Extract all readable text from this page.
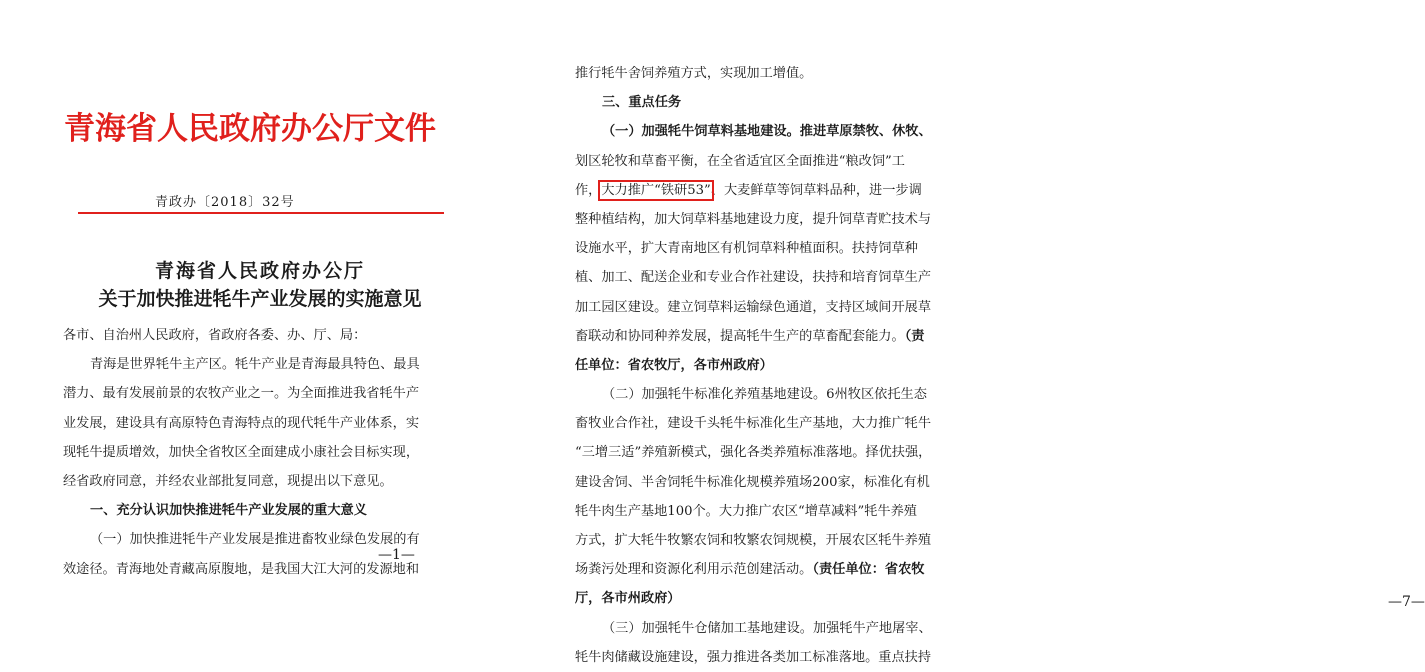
青海省人民政府办公厅文件
青政办〔2018〕32号
青海省人民政府办公厅
关于加快推进牦牛产业发展的实施意见
各市、自治州人民政府，省政府各委、办、厅、局：
青海是世界牦牛主产区。牦牛产业是青海最具特色、最具
潜力、最有发展前景的农牧产业之一。为全面推进我省牦牛产
业发展，建设具有高原特色青海特点的现代牦牛产业体系，实
现牦牛提质增效，加快全省牧区全面建成小康社会目标实现，
经省政府同意，并经农业部批复同意，现提出以下意见。
一、充分认识加快推进牦牛产业发展的重大意义
（一）加快推进牦牛产业发展是推进畜牧业绿色发展的有
效途径。青海地处青藏高原腹地，是我国大江大河的发源地和
—1—
—7—
推行牦牛舍饲养殖方式，实现加工增值。
三、重点任务
（一）加强牦牛饲草料基地建设。推进草原禁牧、休牧、
划区轮牧和草畜平衡，在全省适宜区全面推进“粮改饲”工
作，大力推广“铁研53”、大麦鲜草等饲草料品种，进一步调
整种植结构，加大饲草料基地建设力度，提升饲草青贮技术与
设施水平，扩大青南地区有机饲草料种植面积。扶持饲草种
植、加工、配送企业和专业合作社建设，扶持和培育饲草生产
加工园区建设。建立饲草料运输绿色通道，支持区域间开展草
畜联动和协同种养发展，提高牦牛生产的草畜配套能力。（责
任单位：省农牧厅，各市州政府）
（二）加强牦牛标准化养殖基地建设。6州牧区依托生态
畜牧业合作社，建设千头牦牛标准化生产基地，大力推广牦牛
“三增三适”养殖新模式，强化各类养殖标准落地。择优扶强，
建设舍饲、半舍饲牦牛标准化规模养殖场200家，标准化有机
牦牛肉生产基地100个。大力推广农区“增草减料”牦牛养殖
方式，扩大牦牛牧繁农饲和牧繁农饲规模，开展农区牦牛养殖
场粪污处理和资源化利用示范创建活动。（责任单位：省农牧
厅，各市州政府）
（三）加强牦牛仓储加工基地建设。加强牦牛产地屠宰、
牦牛肉储藏设施建设，强力推进各类加工标准落地。重点扶持
